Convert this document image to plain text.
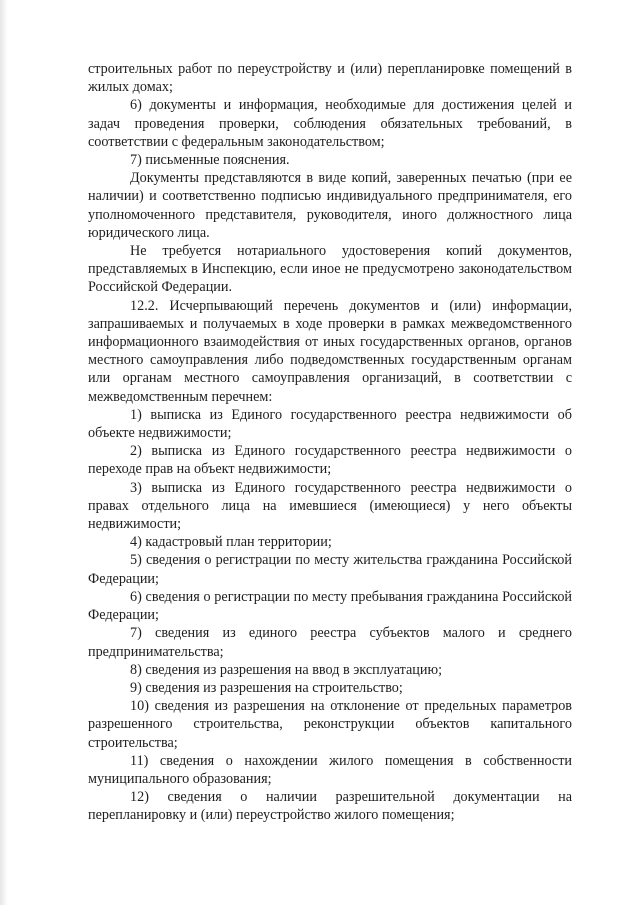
строительных работ по переустройству и (или) перепланировке помещений в жилых домах;

6) документы и информация, необходимые для достижения целей и задач проведения проверки, соблюдения обязательных требований, в соответствии с федеральным законодательством;

7) письменные пояснения.

Документы представляются в виде копий, заверенных печатью (при ее наличии) и соответственно подписью индивидуального предпринимателя, его уполномоченного представителя, руководителя, иного должностного лица юридического лица.

Не требуется нотариального удостоверения копий документов, представляемых в Инспекцию, если иное не предусмотрено законодательством Российской Федерации.

12.2. Исчерпывающий перечень документов и (или) информации, запрашиваемых и получаемых в ходе проверки в рамках межведомственного информационного взаимодействия от иных государственных органов, органов местного самоуправления либо подведомственных государственным органам или органам местного самоуправления организаций, в соответствии с межведомственным перечнем:

1) выписка из Единого государственного реестра недвижимости об объекте недвижимости;

2) выписка из Единого государственного реестра недвижимости о переходе прав на объект недвижимости;

3) выписка из Единого государственного реестра недвижимости о правах отдельного лица на имевшиеся (имеющиеся) у него объекты недвижимости;

4) кадастровый план территории;

5) сведения о регистрации по месту жительства гражданина Российской Федерации;

6) сведения о регистрации по месту пребывания гражданина Российской Федерации;

7) сведения из единого реестра субъектов малого и среднего предпринимательства;

8) сведения из разрешения на ввод в эксплуатацию;

9) сведения из разрешения на строительство;

10) сведения из разрешения на отклонение от предельных параметров разрешенного строительства, реконструкции объектов капитального строительства;

11) сведения о нахождении жилого помещения в собственности муниципального образования;

12) сведения о наличии разрешительной документации на перепланировку и (или) переустройство жилого помещения;
